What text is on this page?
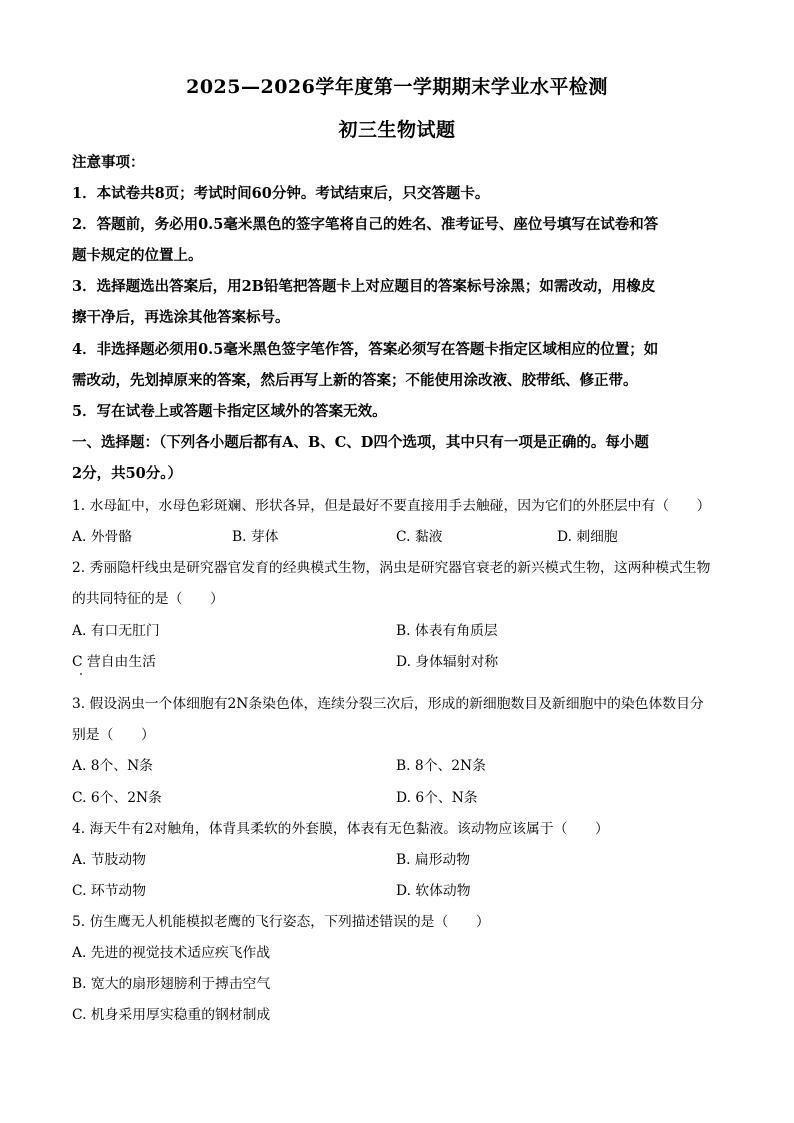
2025—2026学年度第一学期期末学业水平检测
初三生物试题
注意事项：
1．本试卷共8页；考试时间60分钟。考试结束后，只交答题卡。
2．答题前，务必用0.5毫米黑色的签字笔将自己的姓名、准考证号、座位号填写在试卷和答
题卡规定的位置上。
3．选择题选出答案后，用2B铅笔把答题卡上对应题目的答案标号涂黑；如需改动，用橡皮
擦干净后，再选涂其他答案标号。
4．非选择题必须用0.5毫米黑色签字笔作答，答案必须写在答题卡指定区域相应的位置；如
需改动，先划掉原来的答案，然后再写上新的答案；不能使用涂改液、胶带纸、修正带。
5．写在试卷上或答题卡指定区域外的答案无效。
一、选择题：（下列各小题后都有A、B、C、D四个选项，其中只有一项是正确的。每小题
2分，共50分。）
1. 水母缸中，水母色彩斑斓、形状各异，但是最好不要直接用手去触碰，因为它们的外胚层中有（　　）
A. 外骨骼	B. 芽体	C. 黏液	D. 刺细胞
2. 秀丽隐杆线虫是研究器官发育的经典模式生物，涡虫是研究器官衰老的新兴模式生物，这两种模式生物
的共同特征的是（　　）
A. 有口无肛门	B. 体表有角质层
C 营自由生活	D. 身体辐射对称
3. 假设涡虫一个体细胞有2N条染色体，连续分裂三次后，形成的新细胞数目及新细胞中的染色体数目分
别是（　　）
A. 8个、N条	B. 8个、2N条
C. 6个、2N条	D. 6个、N条
4. 海天牛有2对触角，体背具柔软的外套膜，体表有无色黏液。该动物应该属于（　　）
A. 节肢动物	B. 扁形动物
C. 环节动物	D. 软体动物
5. 仿生鹰无人机能模拟老鹰的飞行姿态，下列描述错误的是（　　）
A. 先进的视觉技术适应疾飞作战
B. 宽大的扇形翅膀利于搏击空气
C. 机身采用厚实稳重的钢材制成
